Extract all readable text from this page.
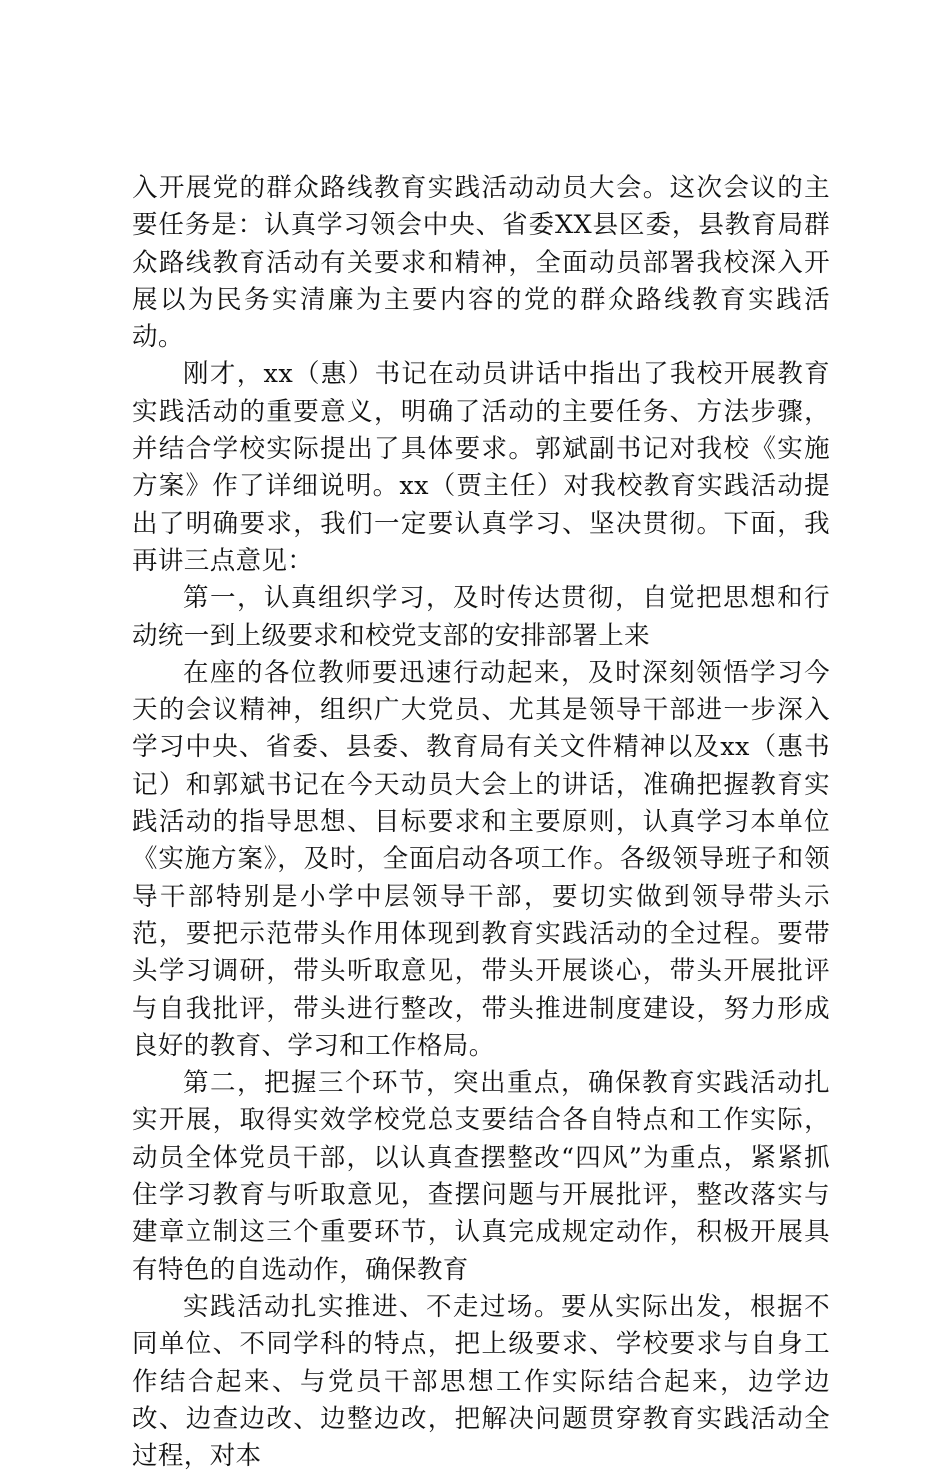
入开展党的群众路线教育实践活动动员大会。这次会议的主要任务是：认真学习领会中央、省委XX县区委，县教育局群众路线教育活动有关要求和精神，全面动员部署我校深入开展以为民务实清廉为主要内容的党的群众路线教育实践活动。

刚才，xx（惠）书记在动员讲话中指出了我校开展教育实践活动的重要意义，明确了活动的主要任务、方法步骤，并结合学校实际提出了具体要求。郭斌副书记对我校《实施方案》作了详细说明。xx（贾主任）对我校教育实践活动提出了明确要求，我们一定要认真学习、坚决贯彻。下面，我再讲三点意见：

第一，认真组织学习，及时传达贯彻，自觉把思想和行动统一到上级要求和校党支部的安排部署上来

在座的各位教师要迅速行动起来，及时深刻领悟学习今天的会议精神，组织广大党员、尤其是领导干部进一步深入学习中央、省委、县委、教育局有关文件精神以及xx（惠书记）和郭斌书记在今天动员大会上的讲话，准确把握教育实践活动的指导思想、目标要求和主要原则，认真学习本单位《实施方案》，及时，全面启动各项工作。各级领导班子和领导干部特别是小学中层领导干部，要切实做到领导带头示范，要把示范带头作用体现到教育实践活动的全过程。要带头学习调研，带头听取意见，带头开展谈心，带头开展批评与自我批评，带头进行整改，带头推进制度建设，努力形成良好的教育、学习和工作格局。

第二，把握三个环节，突出重点，确保教育实践活动扎实开展，取得实效学校党总支要结合各自特点和工作实际，动员全体党员干部，以认真查摆整改“四风”为重点，紧紧抓住学习教育与听取意见，查摆问题与开展批评，整改落实与建章立制这三个重要环节，认真完成规定动作，积极开展具有特色的自选动作，确保教育

实践活动扎实推进、不走过场。要从实际出发，根据不同单位、不同学科的特点，把上级要求、学校要求与自身工作结合起来、与党员干部思想工作实际结合起来，边学边改、边查边改、边整边改，把解决问题贯穿教育实践活动全过程，对本
